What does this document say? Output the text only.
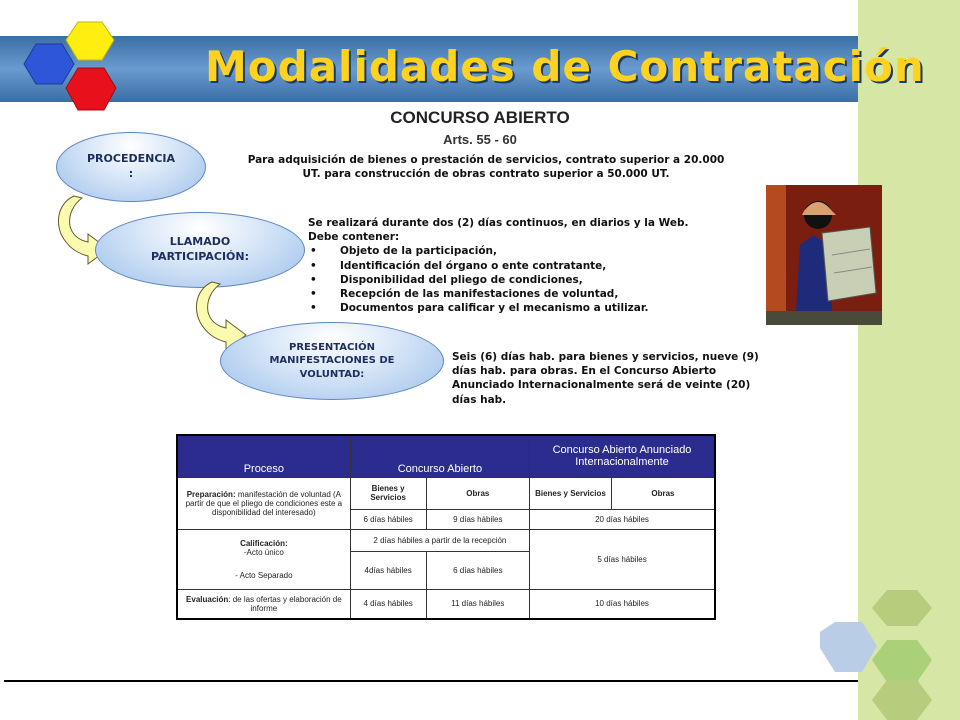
Modalidades de Contratación
CONCURSO ABIERTO
Arts. 55 - 60
PROCEDENCIA
:
Para adquisición de bienes o prestación de servicios, contrato superior a 20.000
UT. para construcción de obras contrato superior a 50.000 UT.
LLAMADO
PARTICIPACIÓN:
Se realizará durante dos (2) días continuos, en diarios y la Web.
Debe contener:
• Objeto de la participación,
• Identificación del órgano o ente contratante,
• Disponibilidad del pliego de condiciones,
• Recepción de las manifestaciones de voluntad,
• Documentos para calificar y el mecanismo a utilizar.
PRESENTACIÓN
MANIFESTACIONES DE
VOLUNTAD:
Seis (6) días hab. para bienes y servicios, nueve (9) días hab. para obras. En el Concurso Abierto Anunciado Internacionalmente será de veinte (20) días hab.
Proceso	Concurso Abierto		Concurso Abierto Anunciado Internacionalmente	
Preparación: manifestación de voluntad (A partir de que el pliego de condiciones este a disponibilidad del interesado)	Bienes y Servicios	Obras	Bienes y Servicios	Obras
	6 días hábiles	9 días hábiles	20 días hábiles	

Calificación:
-Acto único
- Acto Separado	2 días hábiles a partir de la recepción		5 días hábiles	
	4días hábiles	6 días hábiles		
Evaluación: de las ofertas y elaboración de informe	4 días hábiles	11 días hábiles	10 días hábiles	
